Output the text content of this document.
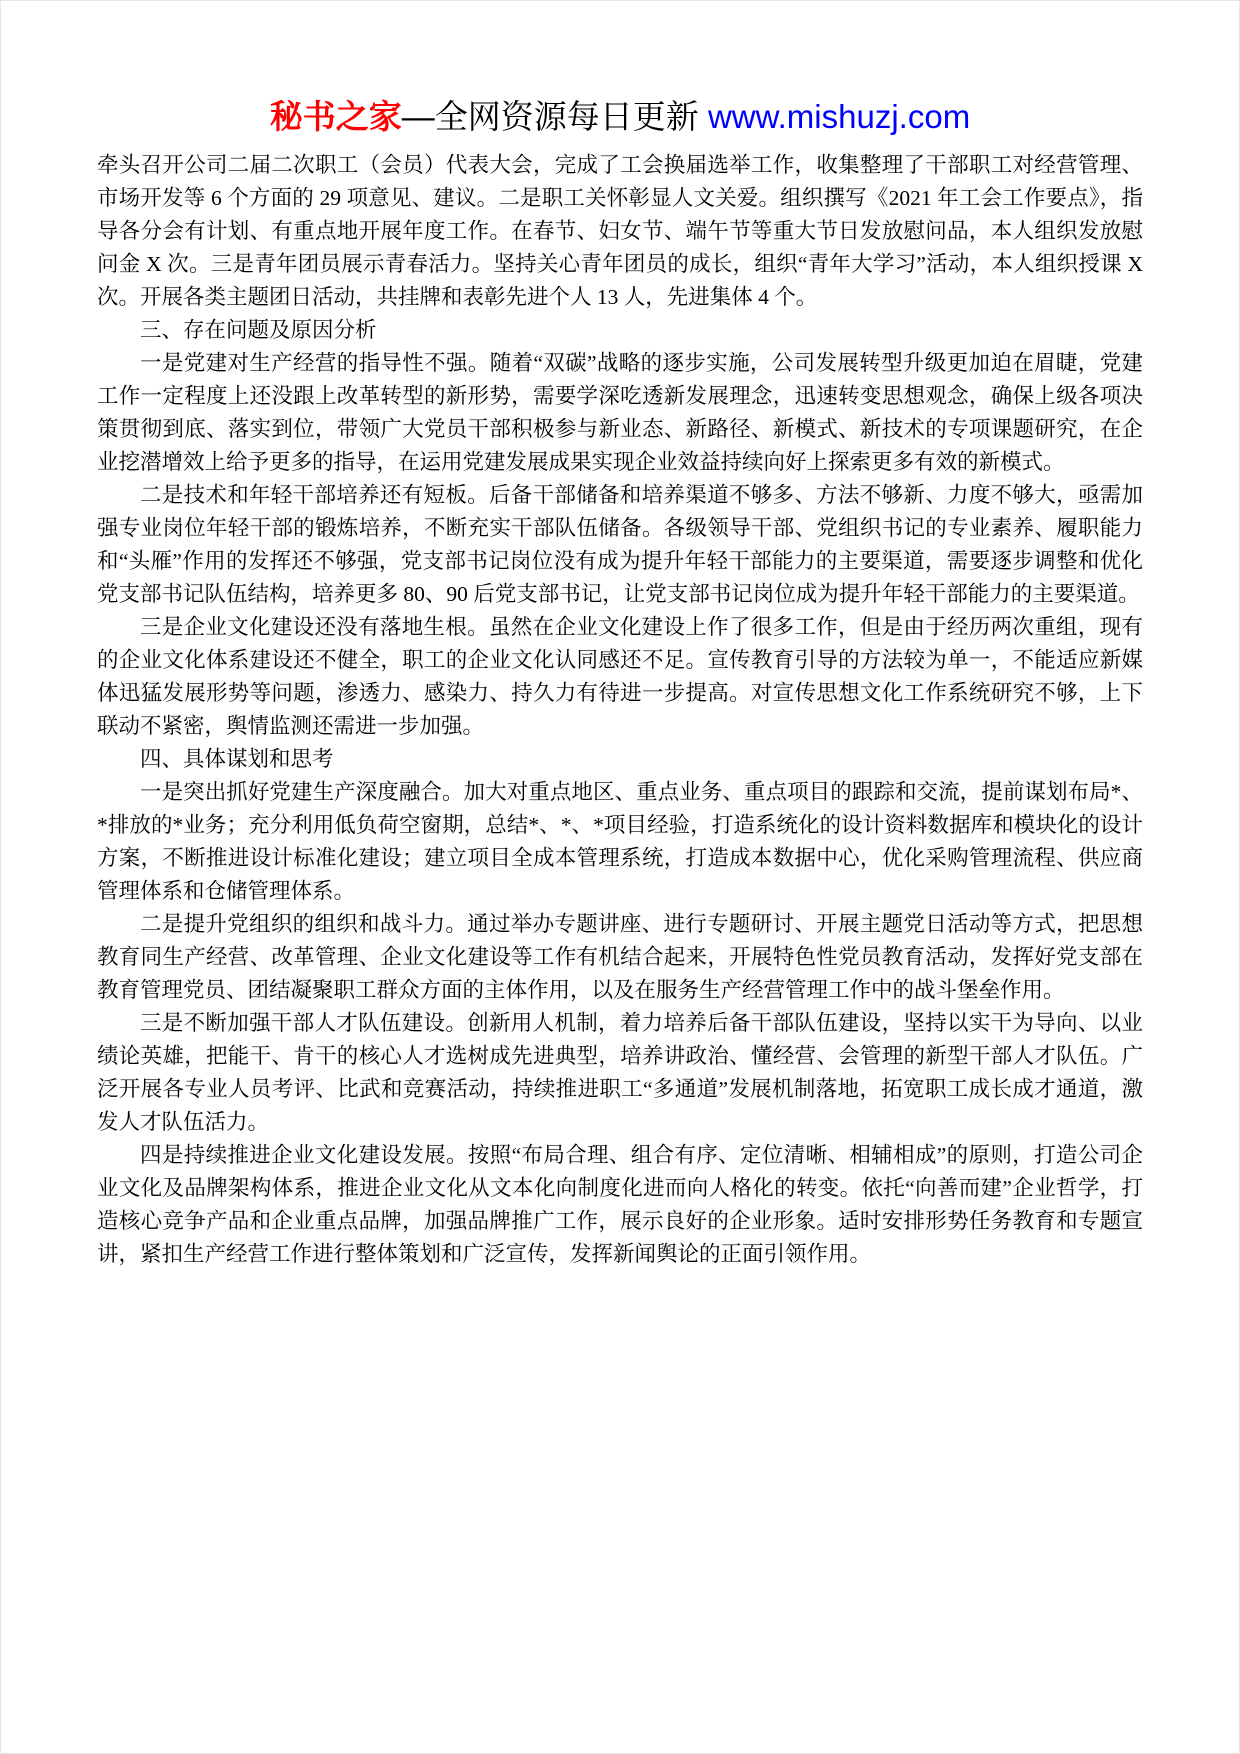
秘书之家—全网资源每日更新 www.mishuzj.com

牵头召开公司二届二次职工（会员）代表大会，完成了工会换届选举工作，收集整理了干部职工对经营管理、市场开发等 6 个方面的 29 项意见、建议。二是职工关怀彰显人文关爱。组织撰写《2021 年工会工作要点》，指导各分会有计划、有重点地开展年度工作。在春节、妇女节、端午节等重大节日发放慰问品，本人组织发放慰问金 X 次。三是青年团员展示青春活力。坚持关心青年团员的成长，组织“青年大学习”活动，本人组织授课 X 次。开展各类主题团日活动，共挂牌和表彰先进个人 13 人，先进集体 4 个。

三、存在问题及原因分析

一是党建对生产经营的指导性不强。随着“双碳”战略的逐步实施，公司发展转型升级更加迫在眉睫，党建工作一定程度上还没跟上改革转型的新形势，需要学深吃透新发展理念，迅速转变思想观念，确保上级各项决策贯彻到底、落实到位，带领广大党员干部积极参与新业态、新路径、新模式、新技术的专项课题研究，在企业挖潜增效上给予更多的指导，在运用党建发展成果实现企业效益持续向好上探索更多有效的新模式。

二是技术和年轻干部培养还有短板。后备干部储备和培养渠道不够多、方法不够新、力度不够大，亟需加强专业岗位年轻干部的锻炼培养，不断充实干部队伍储备。各级领导干部、党组织书记的专业素养、履职能力和“头雁”作用的发挥还不够强，党支部书记岗位没有成为提升年轻干部能力的主要渠道，需要逐步调整和优化党支部书记队伍结构，培养更多 80、90 后党支部书记，让党支部书记岗位成为提升年轻干部能力的主要渠道。

三是企业文化建设还没有落地生根。虽然在企业文化建设上作了很多工作，但是由于经历两次重组，现有的企业文化体系建设还不健全，职工的企业文化认同感还不足。宣传教育引导的方法较为单一，不能适应新媒体迅猛发展形势等问题，渗透力、感染力、持久力有待进一步提高。对宣传思想文化工作系统研究不够，上下联动不紧密，舆情监测还需进一步加强。

四、具体谋划和思考

一是突出抓好党建生产深度融合。加大对重点地区、重点业务、重点项目的跟踪和交流，提前谋划布局*、*排放的*业务；充分利用低负荷空窗期，总结*、*、*项目经验，打造系统化的设计资料数据库和模块化的设计方案，不断推进设计标准化建设；建立项目全成本管理系统，打造成本数据中心，优化采购管理流程、供应商管理体系和仓储管理体系。

二是提升党组织的组织和战斗力。通过举办专题讲座、进行专题研讨、开展主题党日活动等方式，把思想教育同生产经营、改革管理、企业文化建设等工作有机结合起来，开展特色性党员教育活动，发挥好党支部在教育管理党员、团结凝聚职工群众方面的主体作用，以及在服务生产经营管理工作中的战斗堡垒作用。

三是不断加强干部人才队伍建设。创新用人机制，着力培养后备干部队伍建设，坚持以实干为导向、以业绩论英雄，把能干、肯干的核心人才选树成先进典型，培养讲政治、懂经营、会管理的新型干部人才队伍。广泛开展各专业人员考评、比武和竞赛活动，持续推进职工“多通道”发展机制落地，拓宽职工成长成才通道，激发人才队伍活力。

四是持续推进企业文化建设发展。按照“布局合理、组合有序、定位清晰、相辅相成”的原则，打造公司企业文化及品牌架构体系，推进企业文化从文本化向制度化进而向人格化的转变。依托“向善而建”企业哲学，打造核心竞争产品和企业重点品牌，加强品牌推广工作，展示良好的企业形象。适时安排形势任务教育和专题宣讲，紧扣生产经营工作进行整体策划和广泛宣传，发挥新闻舆论的正面引领作用。
